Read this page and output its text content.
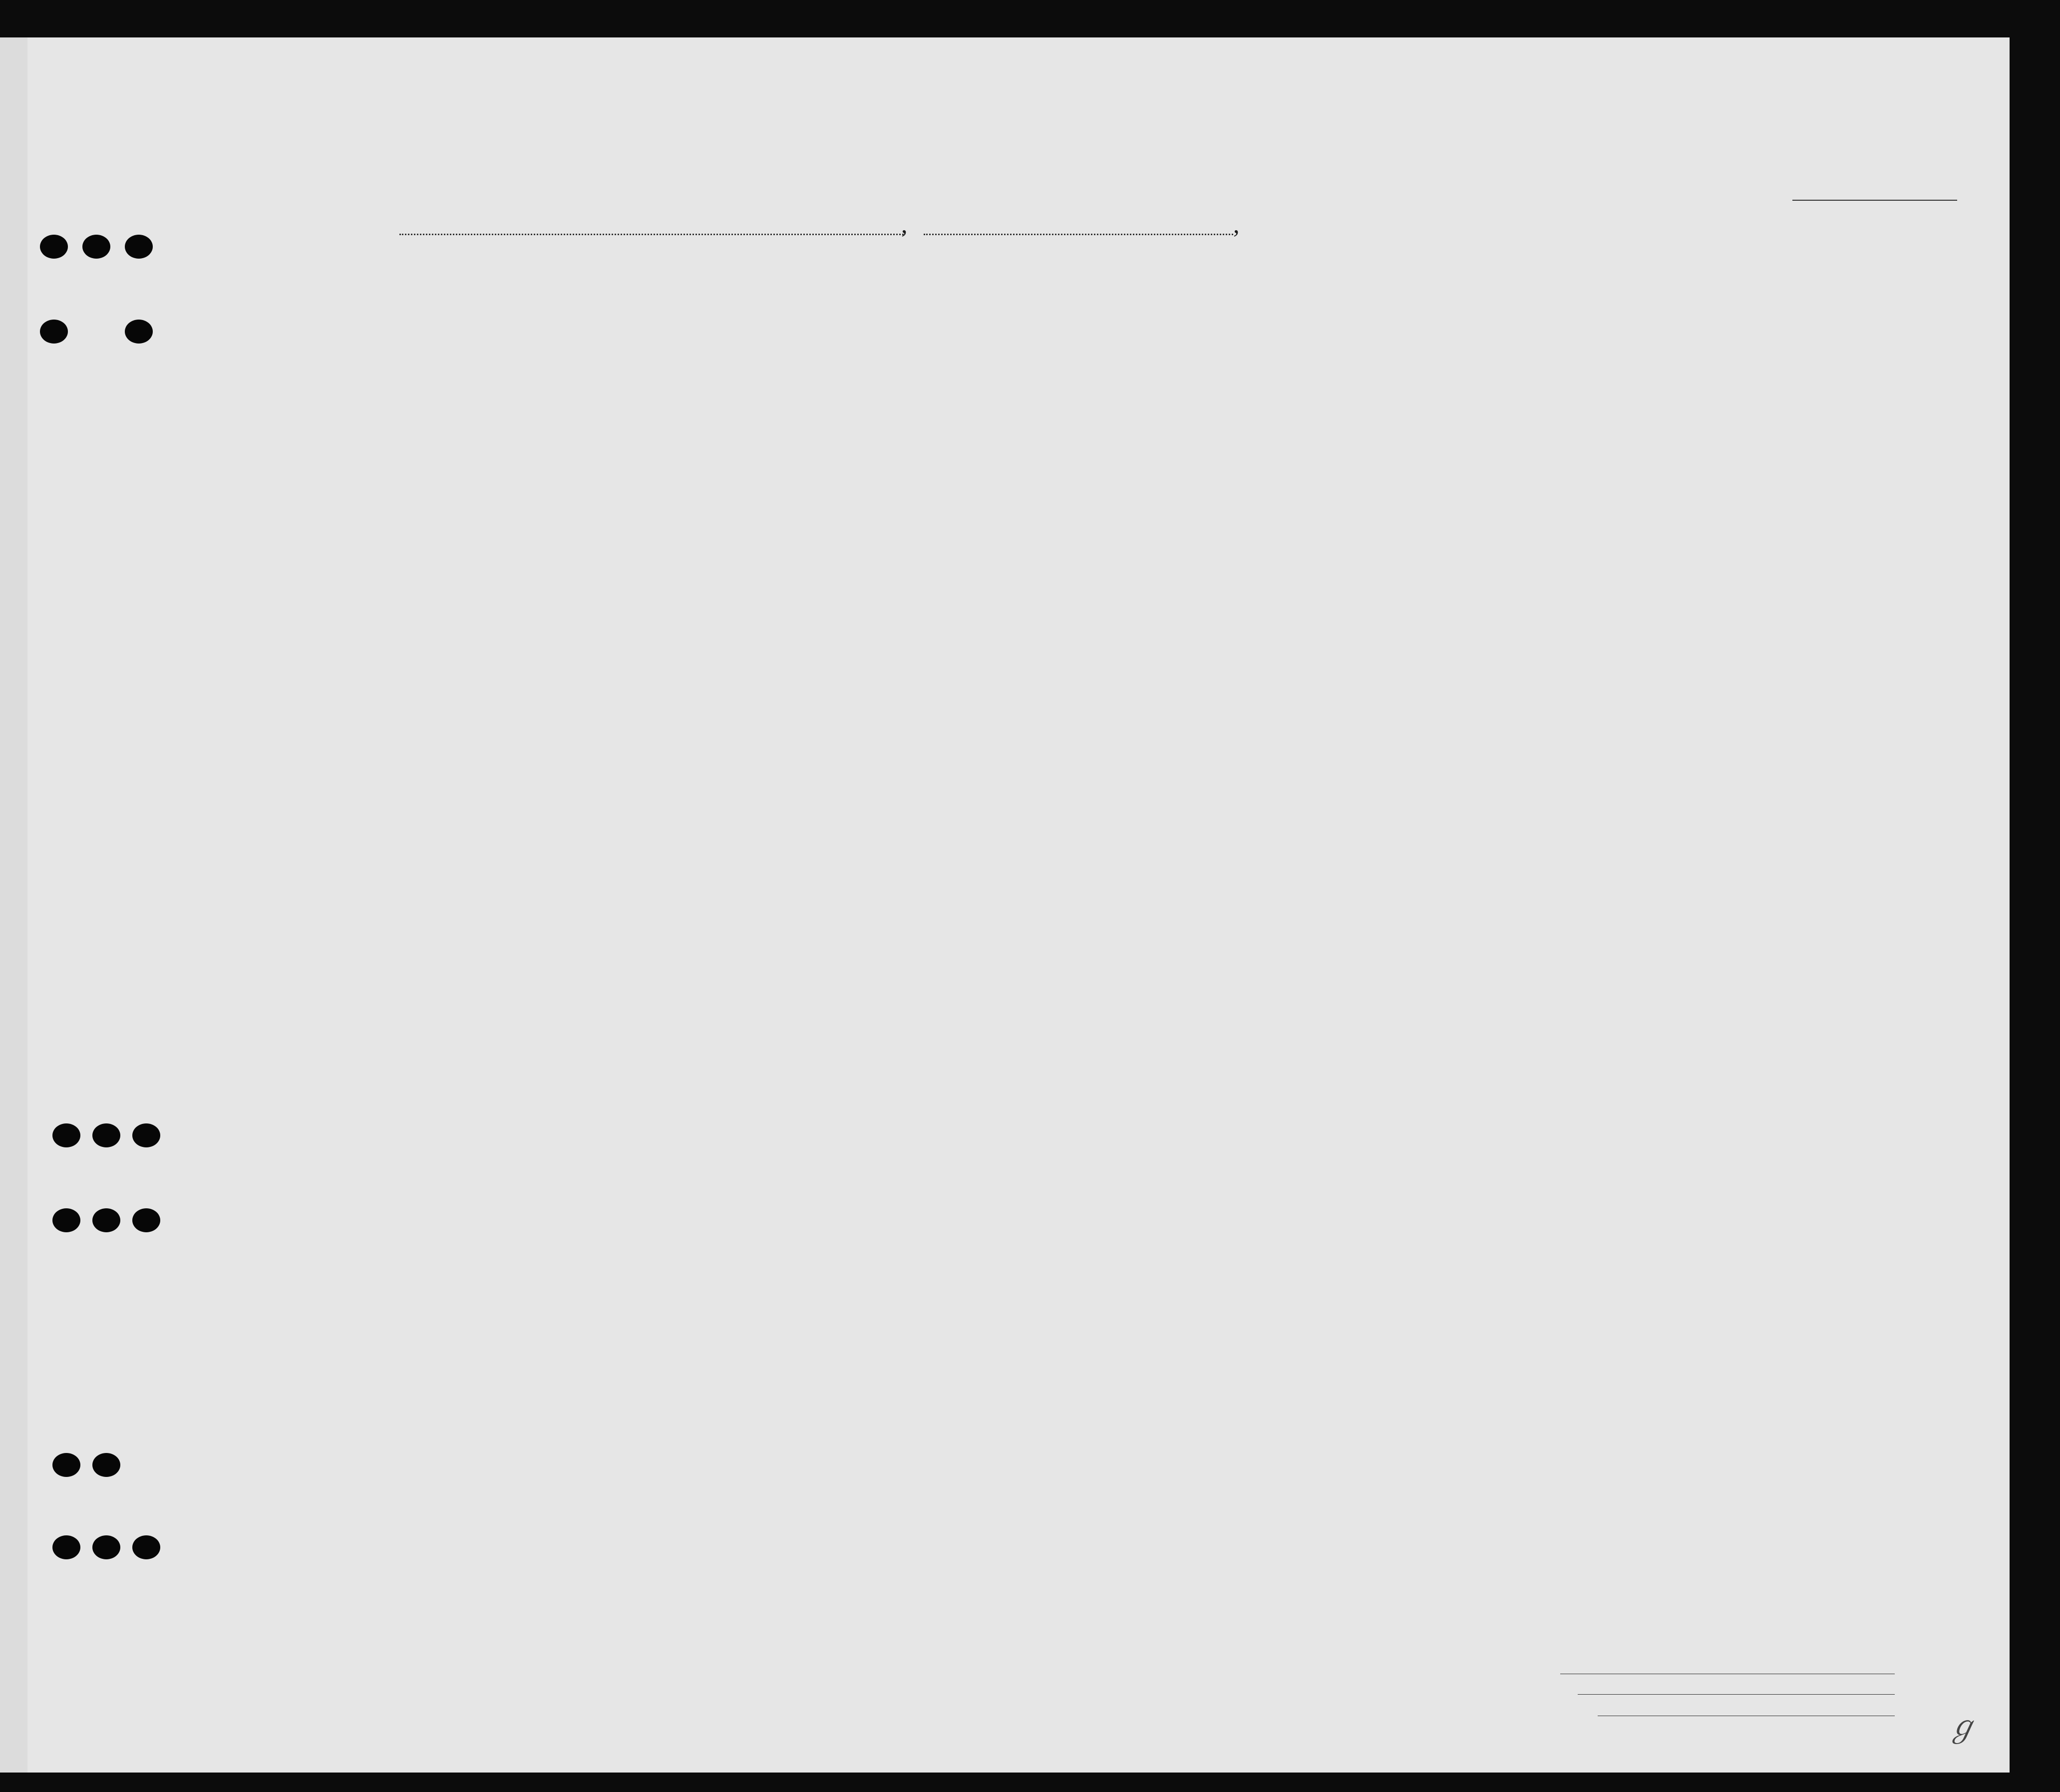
,	,
ℊ
